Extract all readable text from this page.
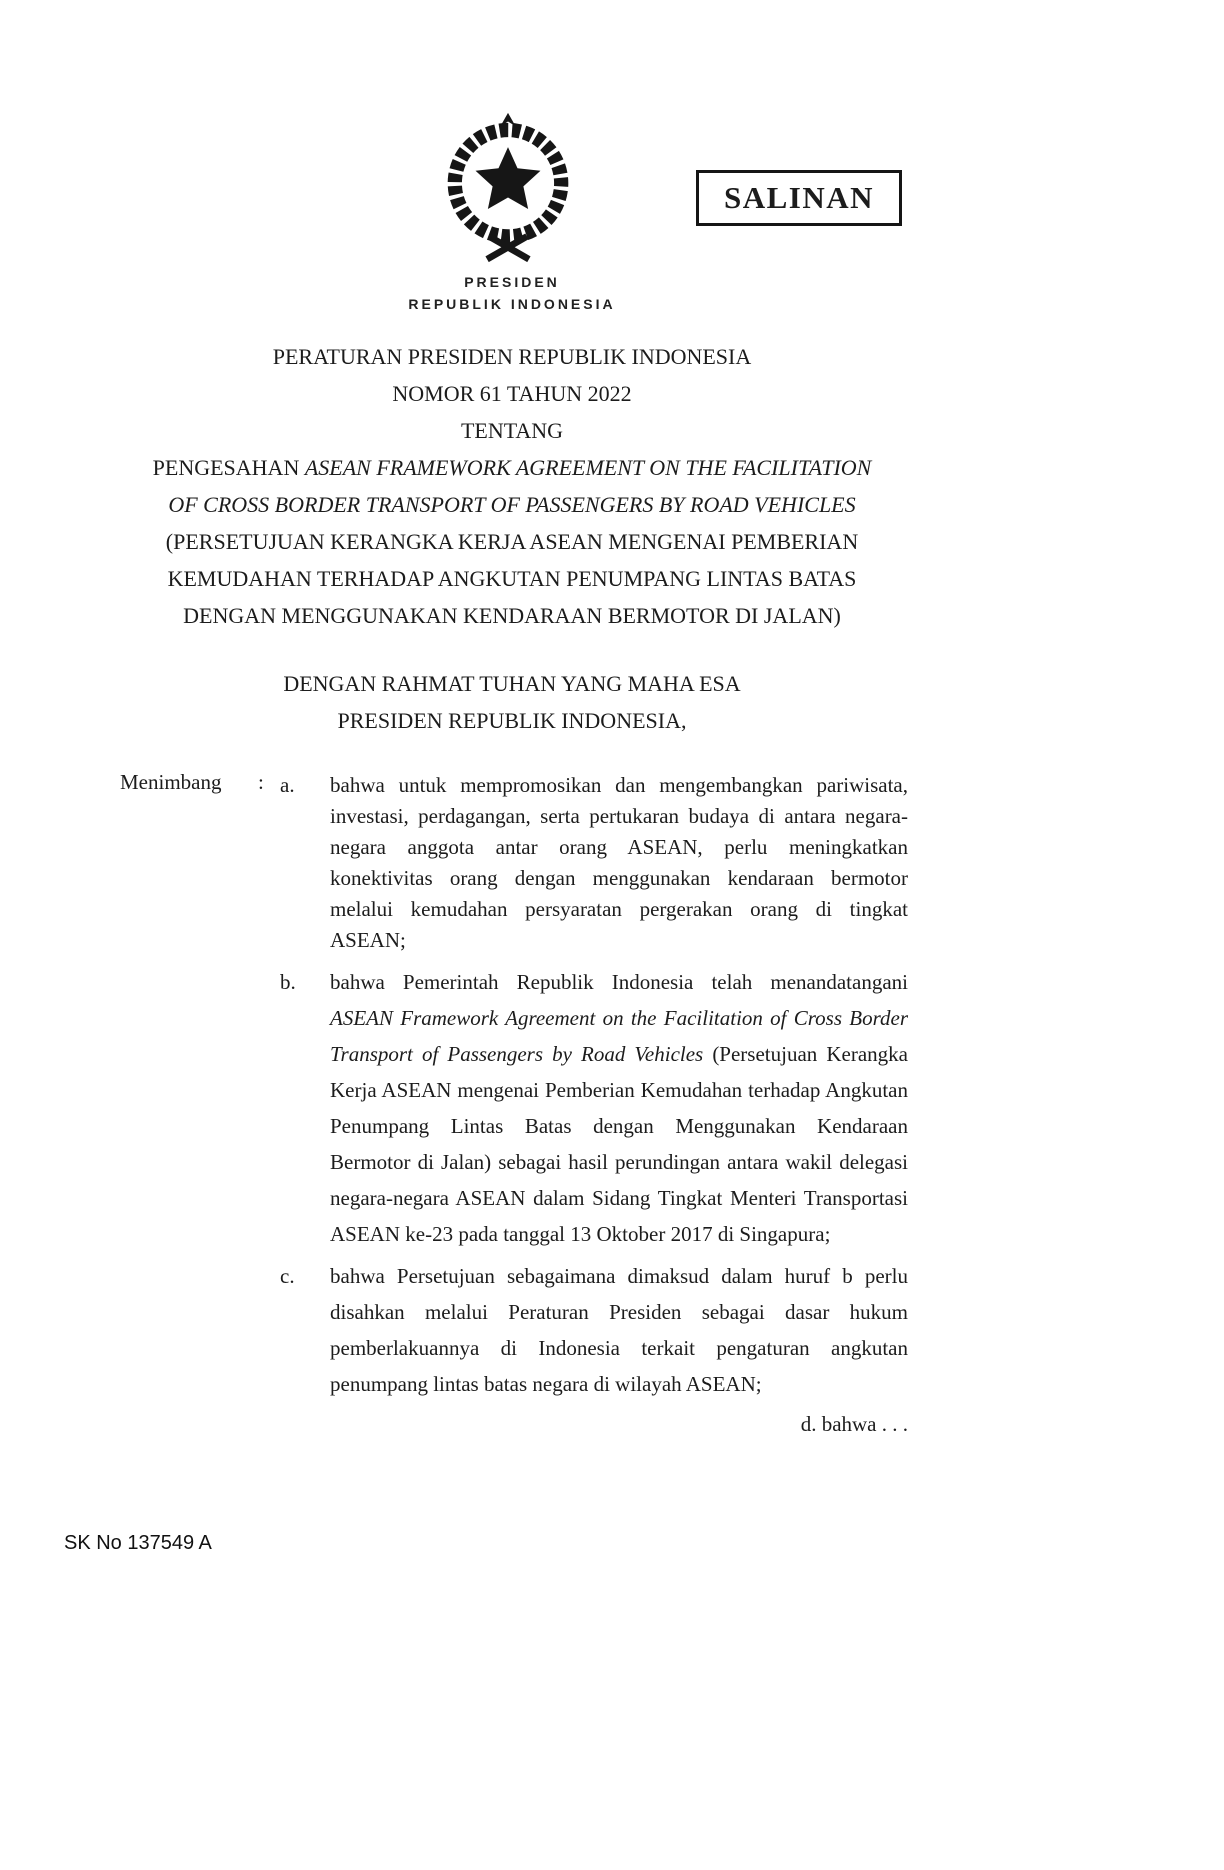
SALINAN
PRESIDEN
REPUBLIK INDONESIA
PERATURAN PRESIDEN REPUBLIK INDONESIA
NOMOR 61 TAHUN 2022
TENTANG
PENGESAHAN ASEAN FRAMEWORK AGREEMENT ON THE FACILITATION
OF CROSS BORDER TRANSPORT OF PASSENGERS BY ROAD VEHICLES
(PERSETUJUAN KERANGKA KERJA ASEAN MENGENAI PEMBERIAN
KEMUDAHAN TERHADAP ANGKUTAN PENUMPANG LINTAS BATAS
DENGAN MENGGUNAKAN KENDARAAN BERMOTOR DI JALAN)
DENGAN RAHMAT TUHAN YANG MAHA ESA
PRESIDEN REPUBLIK INDONESIA,
Menimbang : a.	bahwa untuk mempromosikan dan mengembangkan pariwisata, investasi, perdagangan, serta pertukaran budaya di antara negara-negara anggota antar orang ASEAN, perlu meningkatkan konektivitas orang dengan menggunakan kendaraan bermotor melalui kemudahan persyaratan pergerakan orang di tingkat ASEAN;

b.	bahwa Pemerintah Republik Indonesia telah menandatangani ASEAN Framework Agreement on the Facilitation of Cross Border Transport of Passengers by Road Vehicles (Persetujuan Kerangka Kerja ASEAN mengenai Pemberian Kemudahan terhadap Angkutan Penumpang Lintas Batas dengan Menggunakan Kendaraan Bermotor di Jalan) sebagai hasil perundingan antara wakil delegasi negara-negara ASEAN dalam Sidang Tingkat Menteri Transportasi ASEAN ke-23 pada tanggal 13 Oktober 2017 di Singapura;

c.	bahwa Persetujuan sebagaimana dimaksud dalam huruf b perlu disahkan melalui Peraturan Presiden sebagai dasar hukum pemberlakuannya di Indonesia terkait pengaturan angkutan penumpang lintas batas negara di wilayah ASEAN;

d. bahwa . . .
SK No 137549 A
